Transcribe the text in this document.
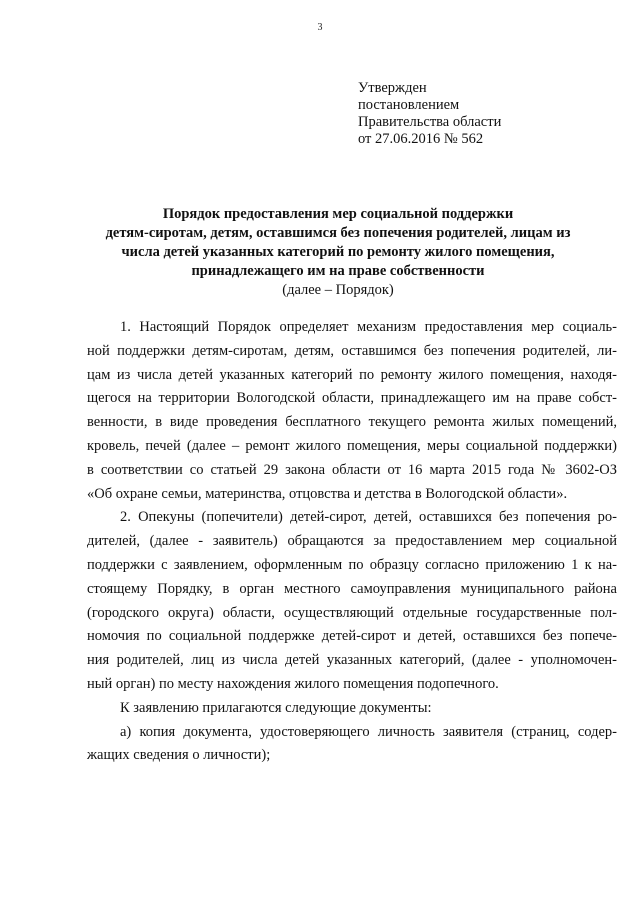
3
Утвержден
постановлением
Правительства области
от 27.06.2016 № 562
Порядок предоставления мер социальной поддержки
детям-сиротам, детям, оставшимся без попечения родителей, лицам из
числа детей указанных категорий по ремонту жилого помещения,
принадлежащего им на праве собственности
(далее – Порядок)
1. Настоящий Порядок определяет механизм предоставления мер социаль-
ной поддержки детям-сиротам, детям, оставшимся без попечения родителей, ли-
цам из числа детей указанных категорий по ремонту жилого помещения, находя-
щегося на территории Вологодской области, принадлежащего им на праве собст-
венности, в виде проведения бесплатного текущего ремонта жилых помещений,
кровель, печей (далее – ремонт жилого помещения, меры социальной поддержки)
в соответствии со статьей 29 закона области от 16 марта 2015 года № 3602-ОЗ
«Об охране семьи, материнства, отцовства и детства в Вологодской области».
2. Опекуны (попечители) детей-сирот, детей, оставшихся без попечения ро-
дителей, (далее - заявитель) обращаются за предоставлением мер социальной
поддержки с заявлением, оформленным по образцу согласно приложению 1 к на-
стоящему Порядку, в орган местного самоуправления муниципального района
(городского округа) области, осуществляющий отдельные государственные пол-
номочия по социальной поддержке детей-сирот и детей, оставшихся без попече-
ния родителей, лиц из числа детей указанных категорий, (далее - уполномочен-
ный орган) по месту нахождения жилого помещения подопечного.
К заявлению прилагаются следующие документы:
а) копия документа, удостоверяющего личность заявителя (страниц, содер-
жащих сведения о личности);
